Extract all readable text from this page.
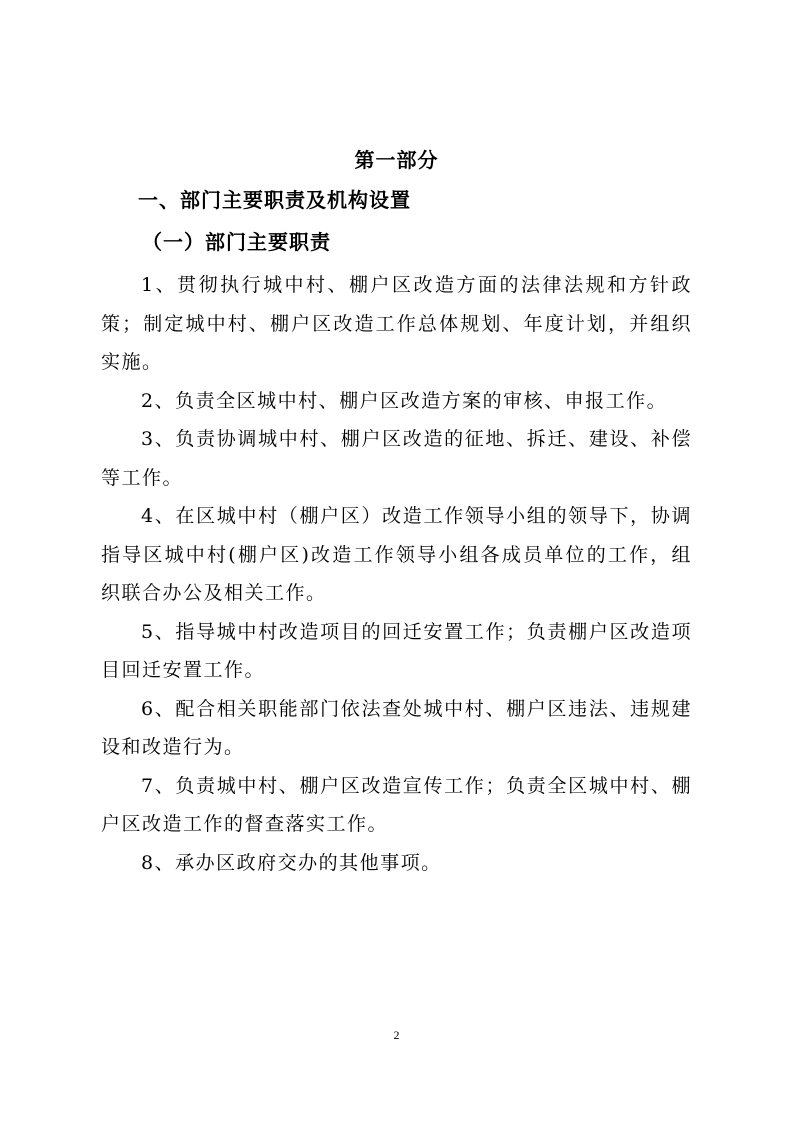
第一部分
一、部门主要职责及机构设置
（一）部门主要职责

1、贯彻执行城中村、棚户区改造方面的法律法规和方针政策；制定城中村、棚户区改造工作总体规划、年度计划，并组织实施。

2、负责全区城中村、棚户区改造方案的审核、申报工作。

3、负责协调城中村、棚户区改造的征地、拆迁、建设、补偿等工作。

4、在区城中村（棚户区）改造工作领导小组的领导下，协调指导区城中村(棚户区)改造工作领导小组各成员单位的工作，组织联合办公及相关工作。

5、指导城中村改造项目的回迁安置工作；负责棚户区改造项目回迁安置工作。

6、配合相关职能部门依法查处城中村、棚户区违法、违规建设和改造行为。

7、负责城中村、棚户区改造宣传工作；负责全区城中村、棚户区改造工作的督查落实工作。

8、承办区政府交办的其他事项。

2
